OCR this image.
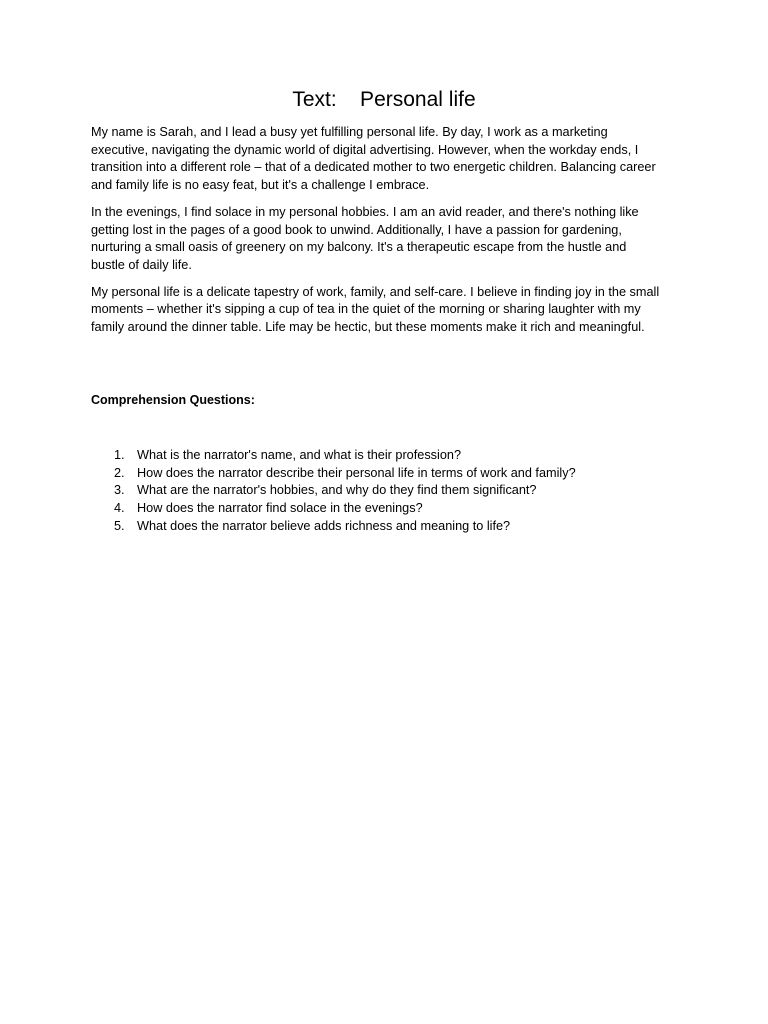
Text:    Personal life

My name is Sarah, and I lead a busy yet fulfilling personal life. By day, I work as a marketing executive, navigating the dynamic world of digital advertising. However, when the workday ends, I transition into a different role – that of a dedicated mother to two energetic children. Balancing career and family life is no easy feat, but it's a challenge I embrace.

In the evenings, I find solace in my personal hobbies. I am an avid reader, and there's nothing like getting lost in the pages of a good book to unwind. Additionally, I have a passion for gardening, nurturing a small oasis of greenery on my balcony. It's a therapeutic escape from the hustle and bustle of daily life.

My personal life is a delicate tapestry of work, family, and self-care. I believe in finding joy in the small moments – whether it's sipping a cup of tea in the quiet of the morning or sharing laughter with my family around the dinner table. Life may be hectic, but these moments make it rich and meaningful.

Comprehension Questions:
1. What is the narrator's name, and what is their profession?
2. How does the narrator describe their personal life in terms of work and family?
3. What are the narrator's hobbies, and why do they find them significant?
4. How does the narrator find solace in the evenings?
5. What does the narrator believe adds richness and meaning to life?
